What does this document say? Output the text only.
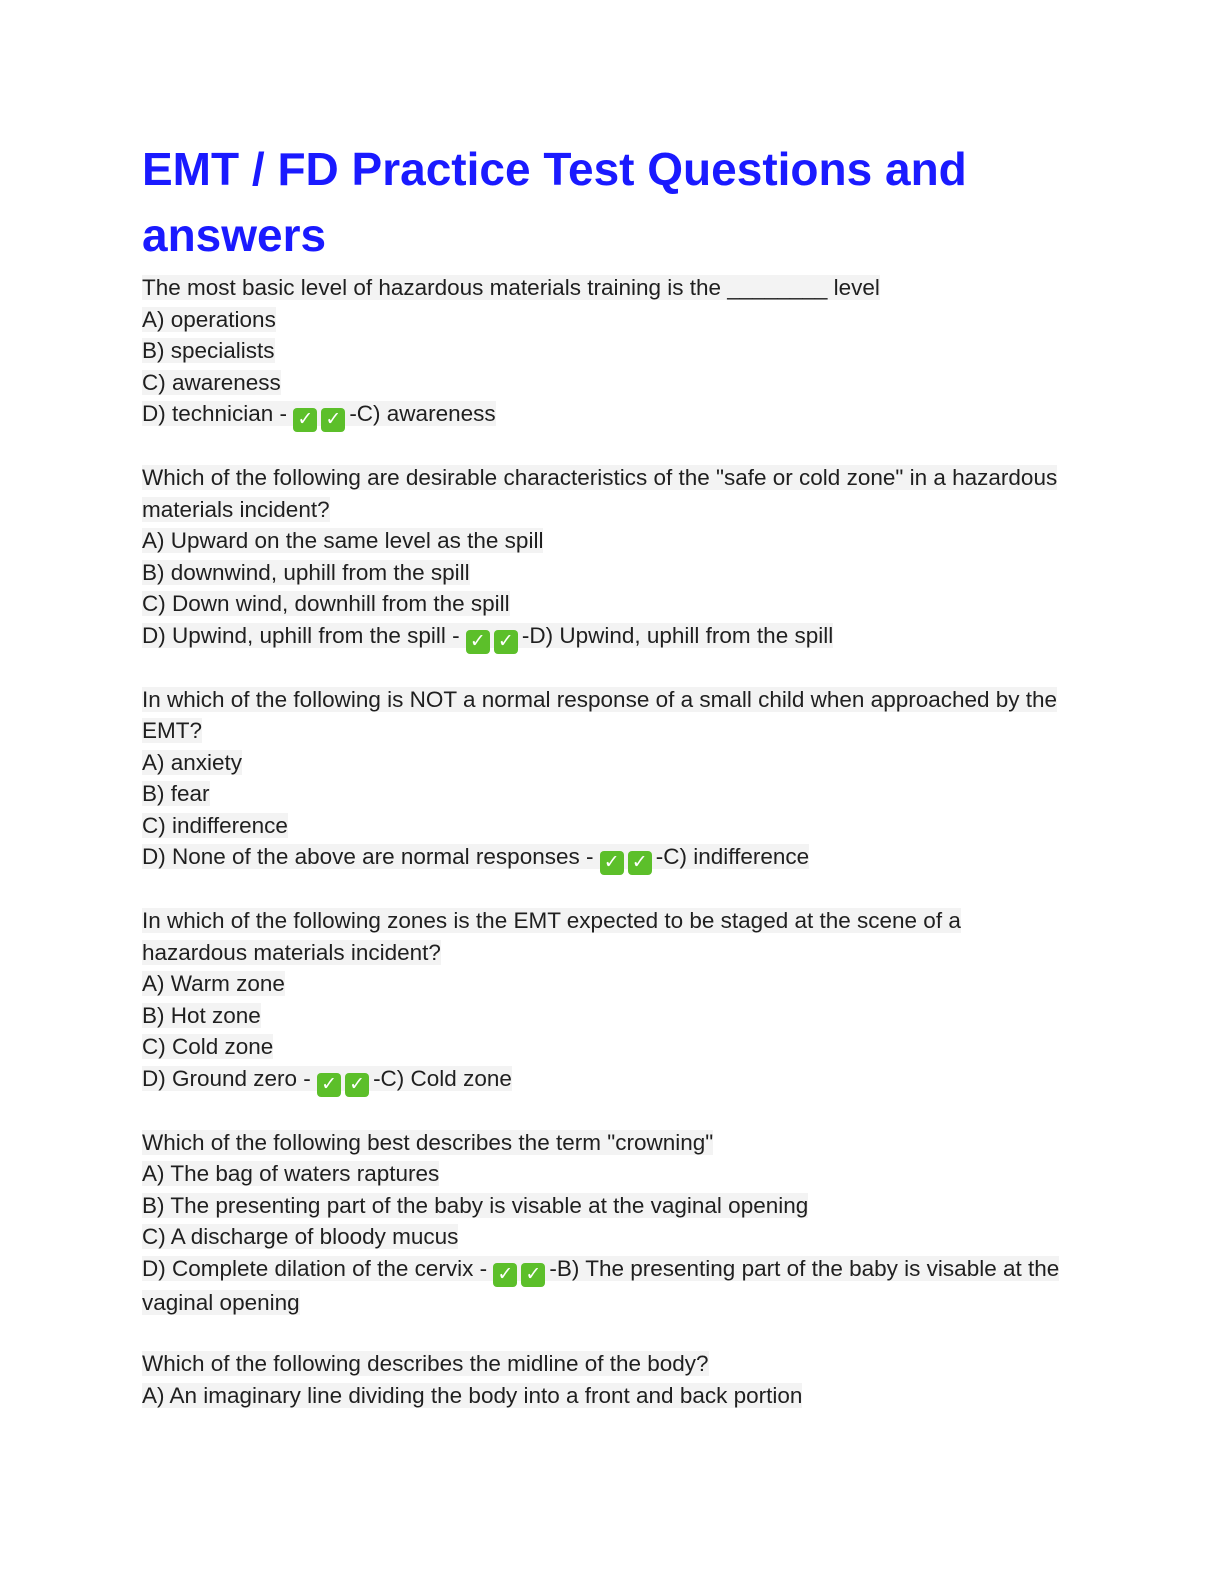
EMT / FD Practice Test Questions and answers
The most basic level of hazardous materials training is the ________ level
A) operations
B) specialists
C) awareness
D) technician - ✓ ✓ -C) awareness
Which of the following are desirable characteristics of the "safe or cold zone" in a hazardous materials incident?
A) Upward on the same level as the spill
B) downwind, uphill from the spill
C) Down wind, downhill from the spill
D) Upwind, uphill from the spill - ✓ ✓ -D) Upwind, uphill from the spill
In which of the following is NOT a normal response of a small child when approached by the EMT?
A) anxiety
B) fear
C) indifference
D) None of the above are normal responses - ✓ ✓ -C) indifference
In which of the following zones is the EMT expected to be staged at the scene of a hazardous materials incident?
A) Warm zone
B) Hot zone
C) Cold zone
D) Ground zero - ✓ ✓ -C) Cold zone
Which of the following best describes the term "crowning"
A) The bag of waters raptures
B) The presenting part of the baby is visable at the vaginal opening
C) A discharge of bloody mucus
D) Complete dilation of the cervix - ✓ ✓ -B) The presenting part of the baby is visable at the vaginal opening
Which of the following describes the midline of the body?
A) An imaginary line dividing the body into a front and back portion
